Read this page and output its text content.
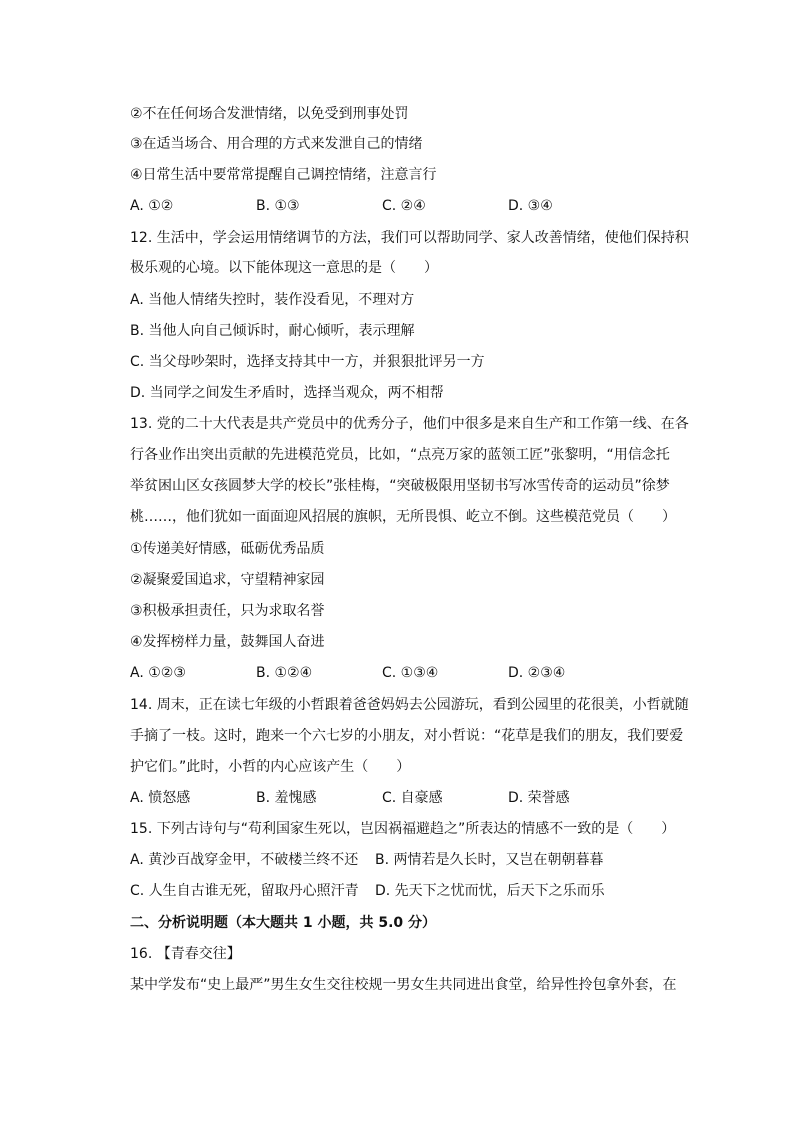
②不在任何场合发泄情绪，以免受到刑事处罚
③在适当场合、用合理的方式来发泄自己的情绪
④日常生活中要常常提醒自己调控情绪，注意言行
A. ①②	B. ①③	C. ②④	D. ③④
12. 生活中，学会运用情绪调节的方法，我们可以帮助同学、家人改善情绪，使他们保持积
极乐观的心境。以下能体现这一意思的是（　　）
A. 当他人情绪失控时，装作没看见，不理对方
B. 当他人向自己倾诉时，耐心倾听，表示理解
C. 当父母吵架时，选择支持其中一方，并狠狠批评另一方
D. 当同学之间发生矛盾时，选择当观众，两不相帮
13. 党的二十大代表是共产党员中的优秀分子，他们中很多是来自生产和工作第一线、在各
行各业作出突出贡献的先进模范党员，比如，“点亮万家的蓝领工匠”张黎明，“用信念托
举贫困山区女孩圆梦大学的校长”张桂梅，“突破极限用坚韧书写冰雪传奇的运动员”徐梦
桃……，他们犹如一面面迎风招展的旗帜，无所畏惧、屹立不倒。这些模范党员（　　）
①传递美好情感，砥砺优秀品质
②凝聚爱国追求，守望精神家园
③积极承担责任，只为求取名誉
④发挥榜样力量，鼓舞国人奋进
A. ①②③	B. ①②④	C. ①③④	D. ②③④
14. 周末，正在读七年级的小哲跟着爸爸妈妈去公园游玩，看到公园里的花很美，小哲就随
手摘了一枝。这时，跑来一个六七岁的小朋友，对小哲说：“花草是我们的朋友，我们要爱
护它们。”此时，小哲的内心应该产生（　　）
A. 愤怒感	B. 羞愧感	C. 自豪感	D. 荣誉感
15. 下列古诗句与“苟利国家生死以，岂因祸福避趋之”所表达的情感不一致的是（　　）
A. 黄沙百战穿金甲，不破楼兰终不还 B. 两情若是久长时，又岂在朝朝暮暮
C. 人生自古谁无死，留取丹心照汗青 D. 先天下之忧而忧，后天下之乐而乐
二、分析说明题（本大题共 1 小题，共 5.0 分）
16. 【青春交往】
某中学发布“史上最严”男生女生交往校规一男女生共同进出食堂，给异性拎包拿外套，在
